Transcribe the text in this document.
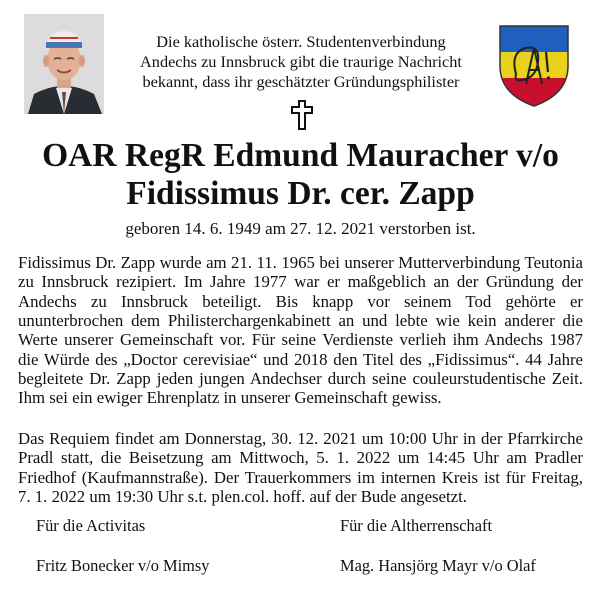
Die katholische österr. Studentenverbindung
Andechs zu Innsbruck gibt die traurige Nachricht
bekannt, dass ihr geschätzter Gründungsphilister
OAR RegR Edmund Mauracher v/o
Fidissimus Dr. cer. Zapp
geboren 14. 6. 1949 am 27. 12. 2021 verstorben ist.
Fidissimus Dr. Zapp wurde am 21. 11. 1965 bei unserer Mutterverbindung Teutonia zu Innsbruck rezipiert. Im Jahre 1977 war er maßgeblich an der Gründung der Andechs zu Innsbruck beteiligt. Bis knapp vor seinem Tod gehörte er ununterbrochen dem Philisterchargenkabinett an und lebte wie kein anderer die Werte unserer Gemeinschaft vor. Für seine Verdienste verlieh ihm Andechs 1987 die Würde des „Doctor cerevisiae“ und 2018 den Titel des „Fidissimus“. 44 Jahre begleitete Dr. Zapp jeden jungen Andechser durch seine couleurstudentische Zeit. Ihm sei ein ewiger Ehrenplatz in unserer Gemeinschaft gewiss.
Das Requiem findet am Donnerstag, 30. 12. 2021 um 10:00 Uhr in der Pfarrkirche Pradl statt, die Beisetzung am Mittwoch, 5. 1. 2022 um 14:45 Uhr am Pradler Friedhof (Kaufmannstraße). Der Trauerkommers im internen Kreis ist für Freitag, 7. 1. 2022 um 19:30 Uhr s.t. plen.col. hoff. auf der Bude angesetzt.
Für die Activitas
Fritz Bonecker v/o Mimsy
Für die Altherrenschaft
Mag. Hansjörg Mayr v/o Olaf
